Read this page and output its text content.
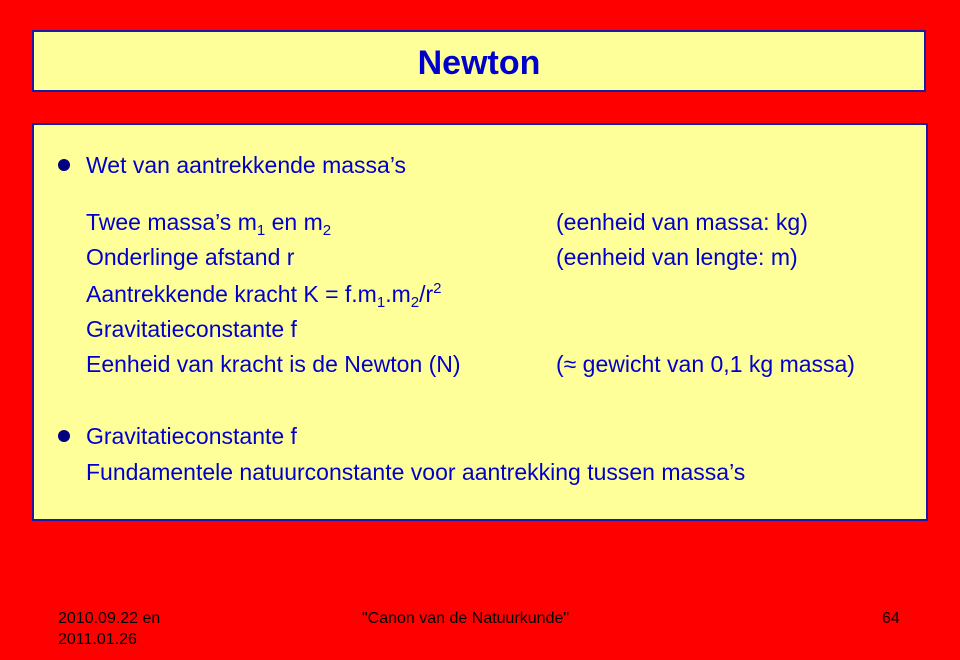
Newton
Wet van aantrekkende massa’s
Twee massa’s $m_1$ en $m_2$	(eenheid van massa: kg)
Onderlinge afstand r	(eenheid van lengte: m)
Aantrekkende kracht $K = f.m_1.m_2/r^2$
Gravitatieconstante f
Eenheid van kracht is de Newton (N)	(≈ gewicht van 0,1 kg massa)
Gravitatieconstante f
Fundamentele natuurconstante voor aantrekking tussen massa’s
2010.09.22 en
2011.01.26
"Canon van de Natuurkunde"	64
